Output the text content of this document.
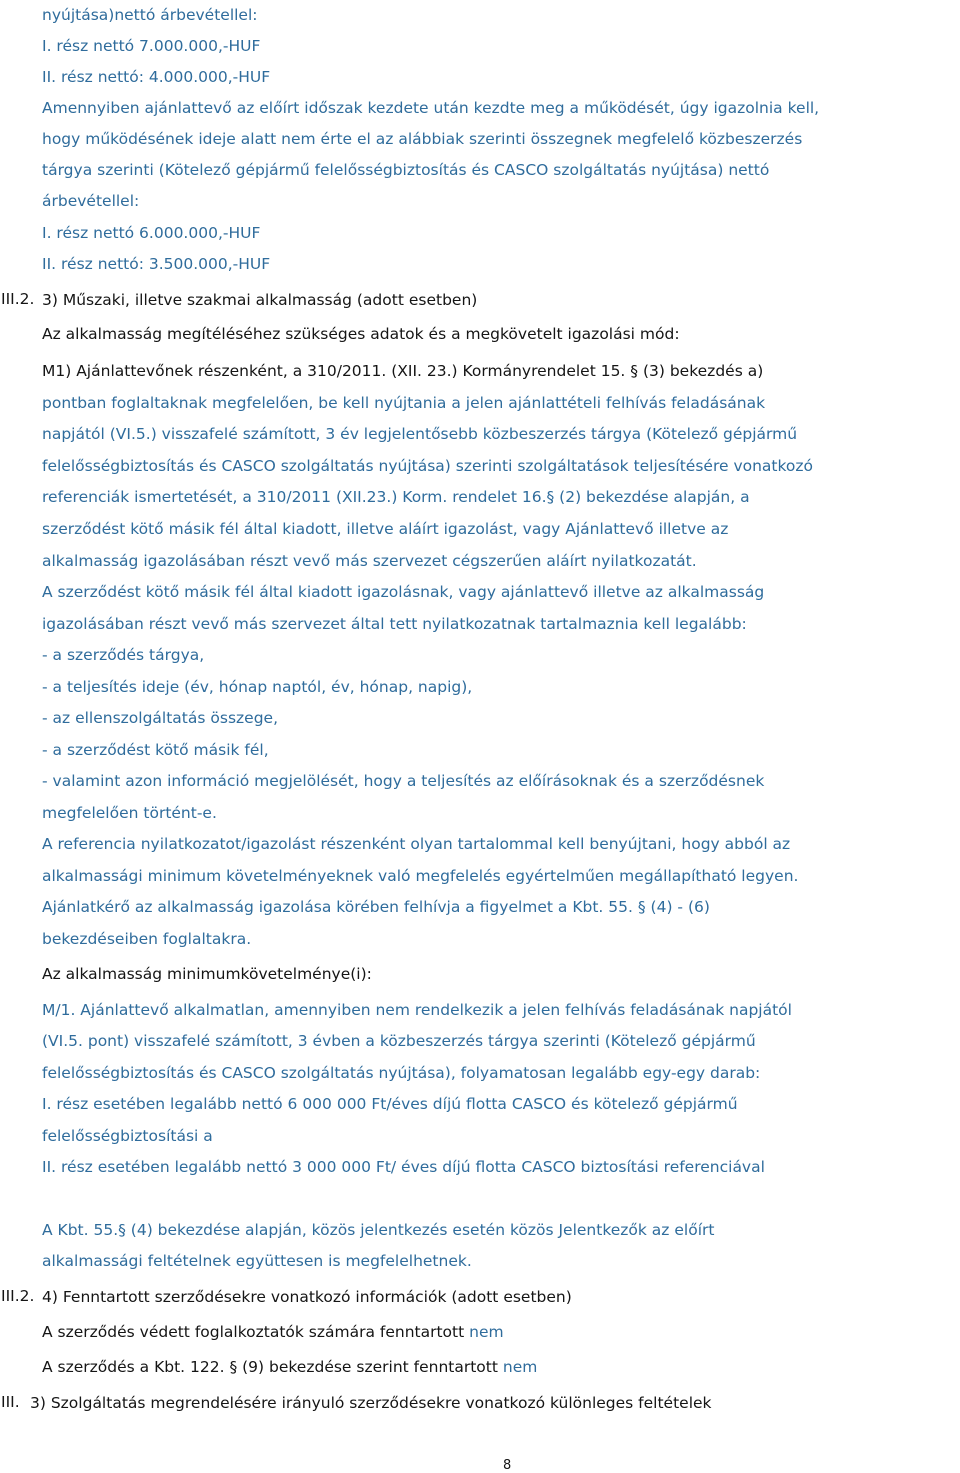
nyújtása)nettó árbevétellel:
I. rész nettó 7.000.000,-HUF
II. rész nettó: 4.000.000,-HUF
Amennyiben ajánlattevő az előírt időszak kezdete után kezdte meg a működését, úgy igazolnia kell,
hogy működésének ideje alatt nem érte el az alábbiak szerinti összegnek megfelelő közbeszerzés
tárgya szerinti (Kötelező gépjármű felelősségbiztosítás és CASCO szolgáltatás nyújtása) nettó
árbevétellel:
I. rész nettó 6.000.000,-HUF
II. rész nettó: 3.500.000,-HUF
III.2. 3) Műszaki, illetve szakmai alkalmasság (adott esetben)
Az alkalmasság megítéléséhez szükséges adatok és a megkövetelt igazolási mód:
M1) Ajánlattevőnek részenként, a 310/2011. (XII. 23.) Kormányrendelet 15. § (3) bekezdés a)
pontban foglaltaknak megfelelően, be kell nyújtania a jelen ajánlattételi felhívás feladásának
napjától (VI.5.) visszafelé számított, 3 év legjelentősebb közbeszerzés tárgya (Kötelező gépjármű
felelősségbiztosítás és CASCO szolgáltatás nyújtása) szerinti szolgáltatások teljesítésére vonatkozó
referenciák ismertetését, a 310/2011 (XII.23.) Korm. rendelet 16.§ (2) bekezdése alapján, a
szerződést kötő másik fél által kiadott, illetve aláírt igazolást, vagy Ajánlattevő illetve az
alkalmasság igazolásában részt vevő más szervezet cégszerűen aláírt nyilatkozatát.
A szerződést kötő másik fél által kiadott igazolásnak, vagy ajánlattevő illetve az alkalmasság
igazolásában részt vevő más szervezet által tett nyilatkozatnak tartalmaznia kell legalább:
- a szerződés tárgya,
- a teljesítés ideje (év, hónap naptól, év, hónap, napig),
- az ellenszolgáltatás összege,
- a szerződést kötő másik fél,
- valamint azon információ megjelölését, hogy a teljesítés az előírásoknak és a szerződésnek
megfelelően történt-e.
A referencia nyilatkozatot/igazolást részenként olyan tartalommal kell benyújtani, hogy abból az
alkalmassági minimum követelményeknek való megfelelés egyértelműen megállapítható legyen.
Ajánlatkérő az alkalmasság igazolása körében felhívja a figyelmet a Kbt. 55. § (4) - (6)
bekezdéseiben foglaltakra.
Az alkalmasság minimumkövetelménye(i):
M/1. Ajánlattevő alkalmatlan, amennyiben nem rendelkezik a jelen felhívás feladásának napjától
(VI.5. pont) visszafelé számított, 3 évben a közbeszerzés tárgya szerinti (Kötelező gépjármű
felelősségbiztosítás és CASCO szolgáltatás nyújtása), folyamatosan legalább egy-egy darab:
I. rész esetében legalább nettó 6 000 000 Ft/éves díjú flotta CASCO és kötelező gépjármű
felelősségbiztosítási a
II. rész esetében legalább nettó 3 000 000 Ft/ éves díjú flotta CASCO biztosítási referenciával
A Kbt. 55.§ (4) bekezdése alapján, közös jelentkezés esetén közös Jelentkezők az előírt
alkalmassági feltételnek együttesen is megfelelhetnek.
III.2. 4) Fenntartott szerződésekre vonatkozó információk (adott esetben)
A szerződés védett foglalkoztatók számára fenntartott nem
A szerződés a Kbt. 122. § (9) bekezdése szerint fenntartott nem
III. 3) Szolgáltatás megrendelésére irányuló szerződésekre vonatkozó különleges feltételek
8
